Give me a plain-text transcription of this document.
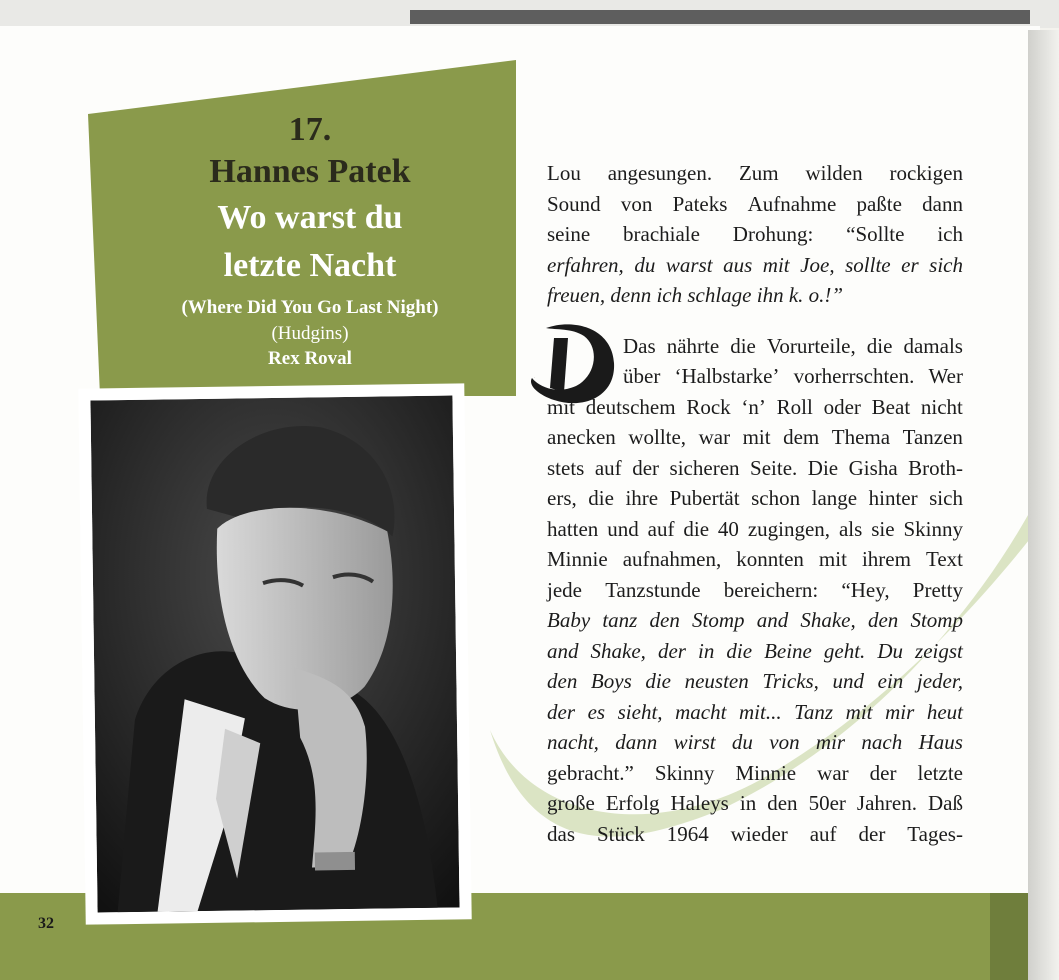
17.
Hannes Patek
Wo warst du
letzte Nacht
(Where Did You Go Last Night)
(Hudgins)
Rex Roval
D
Lou angesungen. Zum wilden rockigen
Sound von Pateks Aufnahme paßte dann
seine brachiale Drohung: “Sollte ich
erfahren, du warst aus mit Joe, sollte er sich
freuen, denn ich schlage ihn k. o.!”
Das nährte die Vorurteile, die damals
über ‘Halbstarke’ vorherrschten. Wer
mit deutschem Rock ‘n’ Roll oder Beat nicht
anecken wollte, war mit dem Thema Tanzen
stets auf der sicheren Seite. Die Gisha Broth-
ers, die ihre Pubertät schon lange hinter sich
hatten und auf die 40 zugingen, als sie Skinny
Minnie aufnahmen, konnten mit ihrem Text
jede Tanzstunde bereichern: “Hey, Pretty
Baby tanz den Stomp and Shake, den Stomp
and Shake, der in die Beine geht. Du zeigst
den Boys die neusten Tricks, und ein jeder,
der es sieht, macht mit... Tanz mit mir heut
nacht, dann wirst du von mir nach Haus
gebracht.” Skinny Minnie war der letzte
große Erfolg Haleys in den 50er Jahren. Daß
das Stück 1964 wieder auf der Tages-
32
